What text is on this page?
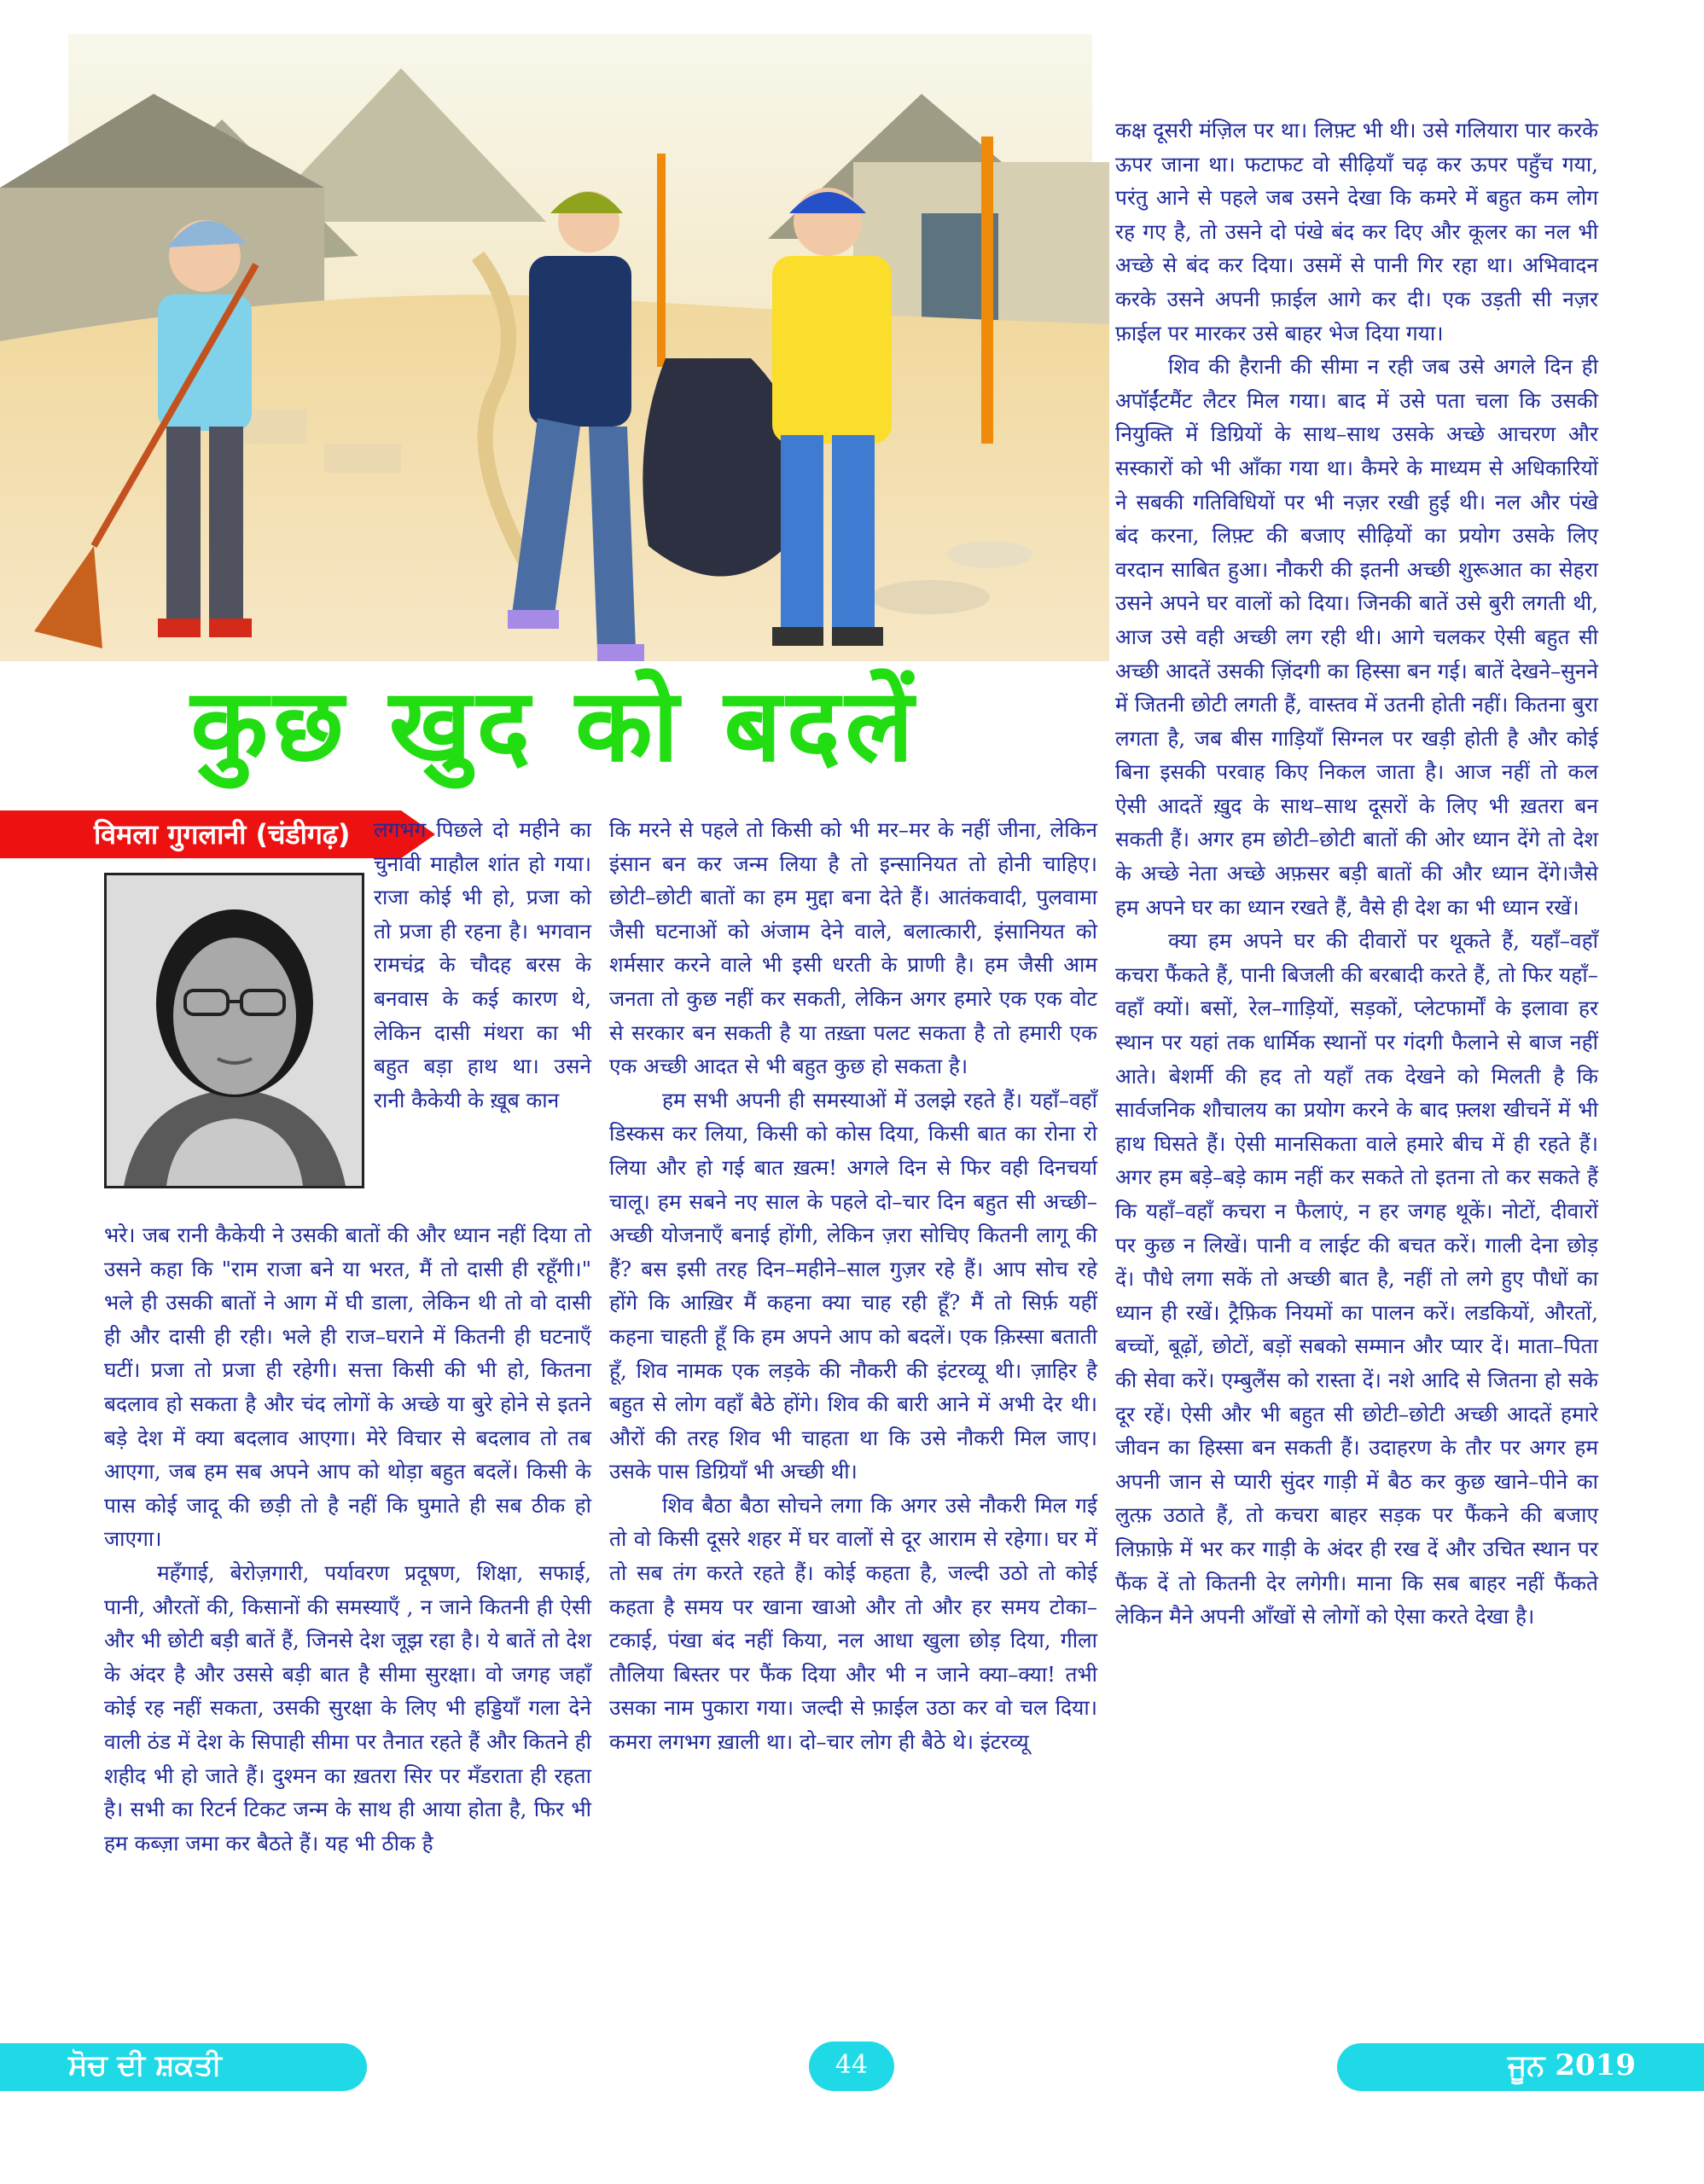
कुछ खुद को बदलें
विमला गुगलानी (चंडीगढ़) लगभग पिछले दो महीने का चुनावी माहौल शांत हो गया। राजा कोई भी हो, प्रजा को तो प्रजा ही रहना है। भगवान रामचंद्र के चौदह बरस के बनवास के कई कारण थे, लेकिन दासी मंथरा का भी बहुत बड़ा हाथ था। उसने रानी कैकेयी के ख़ूब कान

भरे। जब रानी कैकेयी ने उसकी बातों की और ध्यान नहीं दिया तो उसने कहा कि "राम राजा बने या भरत, मैं तो दासी ही रहूँगी।" भले ही उसकी बातों ने आग में घी डाला, लेकिन थी तो वो दासी ही और दासी ही रही। भले ही राज–घराने में कितनी ही घटनाएँ घटीं। प्रजा तो प्रजा ही रहेगी। सत्ता किसी की भी हो, कितना बदलाव हो सकता है और चंद लोगों के अच्छे या बुरे होने से इतने बड़े देश में क्या बदलाव आएगा। मेरे विचार से बदलाव तो तब आएगा, जब हम सब अपने आप को थोड़ा बहुत बदलें। किसी के पास कोई जादू की छड़ी तो है नहीं कि घुमाते ही सब ठीक हो जाएगा।

महँगाई, बेरोज़गारी, पर्यावरण प्रदूषण, शिक्षा, सफाई, पानी, औरतों की, किसानों की समस्याएँ , न जाने कितनी ही ऐसी और भी छोटी बड़ी बातें हैं, जिनसे देश जूझ रहा है। ये बातें तो देश के अंदर है और उससे बड़ी बात है सीमा सुरक्षा। वो जगह जहाँ कोई रह नहीं सकता, उसकी सुरक्षा के लिए भी हड्डियाँ गला देने वाली ठंड में देश के सिपाही सीमा पर तैनात रहते हैं और कितने ही शहीद भी हो जाते हैं। दुश्मन का ख़तरा सिर पर मँडराता ही रहता है। सभी का रिटर्न टिकट जन्म के साथ ही आया होता है, फिर भी हम कब्ज़ा जमा कर बैठते हैं। यह भी ठीक है

कि मरने से पहले तो किसी को भी मर–मर के नहीं जीना, लेकिन इंसान बन कर जन्म लिया है तो इन्सानियत तो होनी चाहिए। छोटी–छोटी बातों का हम मुद्दा बना देते हैं। आतंकवादी, पुलवामा जैसी घटनाओं को अंजाम देने वाले, बलात्कारी, इंसानियत को शर्मसार करने वाले भी इसी धरती के प्राणी है। हम जैसी आम जनता तो कुछ नहीं कर सकती, लेकिन अगर हमारे एक एक वोट से सरकार बन सकती है या तख़्ता पलट सकता है तो हमारी एक एक अच्छी आदत से भी बहुत कुछ हो सकता है।

हम सभी अपनी ही समस्याओं में उलझे रहते हैं। यहाँ–वहाँ डिस्कस कर लिया, किसी को कोस दिया, किसी बात का रोना रो लिया और हो गई बात ख़त्म! अगले दिन से फिर वही दिनचर्या चालू। हम सबने नए साल के पहले दो–चार दिन बहुत सी अच्छी–अच्छी योजनाएँ बनाई होंगी, लेकिन ज़रा सोचिए कितनी लागू की हैं? बस इसी तरह दिन–महीने–साल गुज़र रहे हैं। आप सोच रहे होंगे कि आख़िर मैं कहना क्या चाह रही हूँ? मैं तो सिर्फ़ यहीं कहना चाहती हूँ कि हम अपने आप को बदलें। एक क़िस्सा बताती हूँ, शिव नामक एक लड़के की नौकरी की इंटरव्यू थी। ज़ाहिर है बहुत से लोग वहाँ बैठे होंगे। शिव की बारी आने में अभी देर थी। औरों की तरह शिव भी चाहता था कि उसे नौकरी मिल जाए। उसके पास डिग्रियाँ भी अच्छी थी।

शिव बैठा बैठा सोचने लगा कि अगर उसे नौकरी मिल गई तो वो किसी दूसरे शहर में घर वालों से दूर आराम से रहेगा। घर में तो सब तंग करते रहते हैं। कोई कहता है, जल्दी उठो तो कोई कहता है समय पर खाना खाओ और तो और हर समय टोका–टकाई, पंखा बंद नहीं किया, नल आधा खुला छोड़ दिया, गीला तौलिया बिस्तर पर फैंक दिया और भी न जाने क्या–क्या! तभी उसका नाम पुकारा गया। जल्दी से फ़ाईल उठा कर वो चल दिया। कमरा लगभग ख़ाली था। दो–चार लोग ही बैठे थे। इंटरव्यू

कक्ष दूसरी मंज़िल पर था। लिफ़्ट भी थी। उसे गलियारा पार करके ऊपर जाना था। फटाफट वो सीढ़ियाँ चढ़ कर ऊपर पहुँच गया, परंतु आने से पहले जब उसने देखा कि कमरे में बहुत कम लोग रह गए है, तो उसने दो पंखे बंद कर दिए और कूलर का नल भी अच्छे से बंद कर दिया। उसमें से पानी गिर रहा था। अभिवादन करके उसने अपनी फ़ाईल आगे कर दी। एक उड़ती सी नज़र फ़ाईल पर मारकर उसे बाहर भेज दिया गया।

शिव की हैरानी की सीमा न रही जब उसे अगले दिन ही अपॉईंटमैंट लैटर मिल गया। बाद में उसे पता चला कि उसकी नियुक्ति में डिग्रियों के साथ–साथ उसके अच्छे आचरण और सस्कारों को भी आँका गया था। कैमरे के माध्यम से अधिकारियों ने सबकी गतिविधियों पर भी नज़र रखी हुई थी। नल और पंखे बंद करना, लिफ़्ट की बजाए सीढ़ियों का प्रयोग उसके लिए वरदान साबित हुआ। नौकरी की इतनी अच्छी शुरूआत का सेहरा उसने अपने घर वालों को दिया। जिनकी बातें उसे बुरी लगती थी, आज उसे वही अच्छी लग रही थी। आगे चलकर ऐसी बहुत सी अच्छी आदतें उसकी ज़िंदगी का हिस्सा बन गई। बातें देखने–सुनने में जितनी छोटी लगती हैं, वास्तव में उतनी होती नहीं। कितना बुरा लगता है, जब बीस गाड़ियाँ सिग्नल पर खड़ी होती है और कोई बिना इसकी परवाह किए निकल जाता है। आज नहीं तो कल ऐसी आदतें ख़ुद के साथ–साथ दूसरों के लिए भी ख़तरा बन सकती हैं। अगर हम छोटी–छोटी बातों की ओर ध्यान देंगे तो देश के अच्छे नेता अच्छे अफ़सर बड़ी बातों की और ध्यान देंगे।जैसे हम अपने घर का ध्यान रखते हैं, वैसे ही देश का भी ध्यान रखें।

क्या हम अपने घर की दीवारों पर थूकते हैं, यहाँ–वहाँ कचरा फैंकते हैं, पानी बिजली की बरबादी करते हैं, तो फिर यहाँ–वहाँ क्यों। बसों, रेल–गाड़ियों, सड़कों, प्लेटफार्मों के इलावा हर स्थान पर यहां तक धार्मिक स्थानों पर गंदगी फैलाने से बाज नहीं आते। बेशर्मी की हद तो यहाँ तक देखने को मिलती है कि सार्वजनिक शौचालय का प्रयोग करने के बाद फ़्लश खीचनें में भी हाथ घिसते हैं। ऐसी मानसिकता वाले हमारे बीच में ही रहते हैं। अगर हम बड़े–बड़े काम नहीं कर सकते तो इतना तो कर सकते हैं कि यहाँ–वहाँ कचरा न फैलाएं, न हर जगह थूकें। नोटों, दीवारों पर कुछ न लिखें। पानी व लाईट की बचत करें। गाली देना छोड़ दें। पौधे लगा सकें तो अच्छी बात है, नहीं तो लगे हुए पौधों का ध्यान ही रखें। ट्रैफ़िक नियमों का पालन करें। लडकियों, औरतों, बच्चों, बूढ़ों, छोटों, बड़ों सबको सम्मान और प्यार दें। माता–पिता की सेवा करें। एम्बुलैंस को रास्ता दें। नशे आदि से जितना हो सके दूर रहें। ऐसी और भी बहुत सी छोटी–छोटी अच्छी आदतें हमारे जीवन का हिस्सा बन सकती हैं। उदाहरण के तौर पर अगर हम अपनी जान से प्यारी सुंदर गाड़ी में बैठ कर कुछ खाने–पीने का लुत्फ़ उठाते हैं, तो कचरा बाहर सड़क पर फैंकने की बजाए लिफ़ाफ़े में भर कर गाड़ी के अंदर ही रख दें और उचित स्थान पर फैंक दें तो कितनी देर लगेगी। माना कि सब बाहर नहीं फैंकते लेकिन मैने अपनी आँखों से लोगों को ऐसा करते देखा है।

ਸੋਚ ਦੀ ਸ਼ਕਤੀ	44	ਜੂਨ 2019
